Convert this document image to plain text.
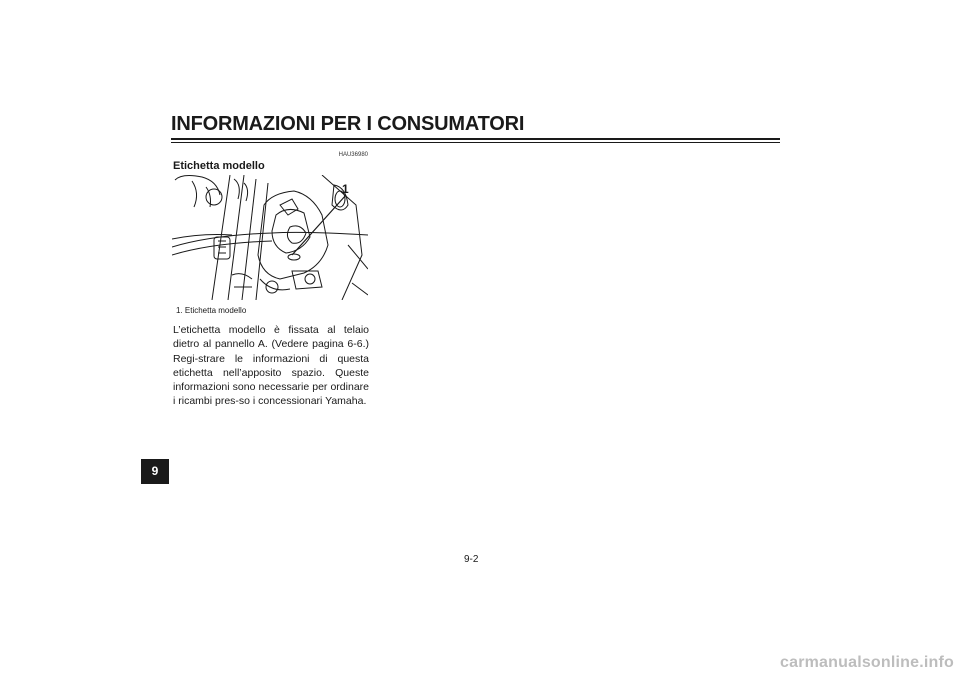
INFORMAZIONI PER I CONSUMATORI
HAU36980
Etichetta modello
1
1. Etichetta modello
L’etichetta modello è fissata al telaio dietro al pannello A. (Vedere pagina 6-6.) Regi-strare le informazioni di questa etichetta nell’apposito spazio. Queste informazioni sono necessarie per ordinare i ricambi pres-so i concessionari Yamaha.
9
9-2
carmanualsonline.info
